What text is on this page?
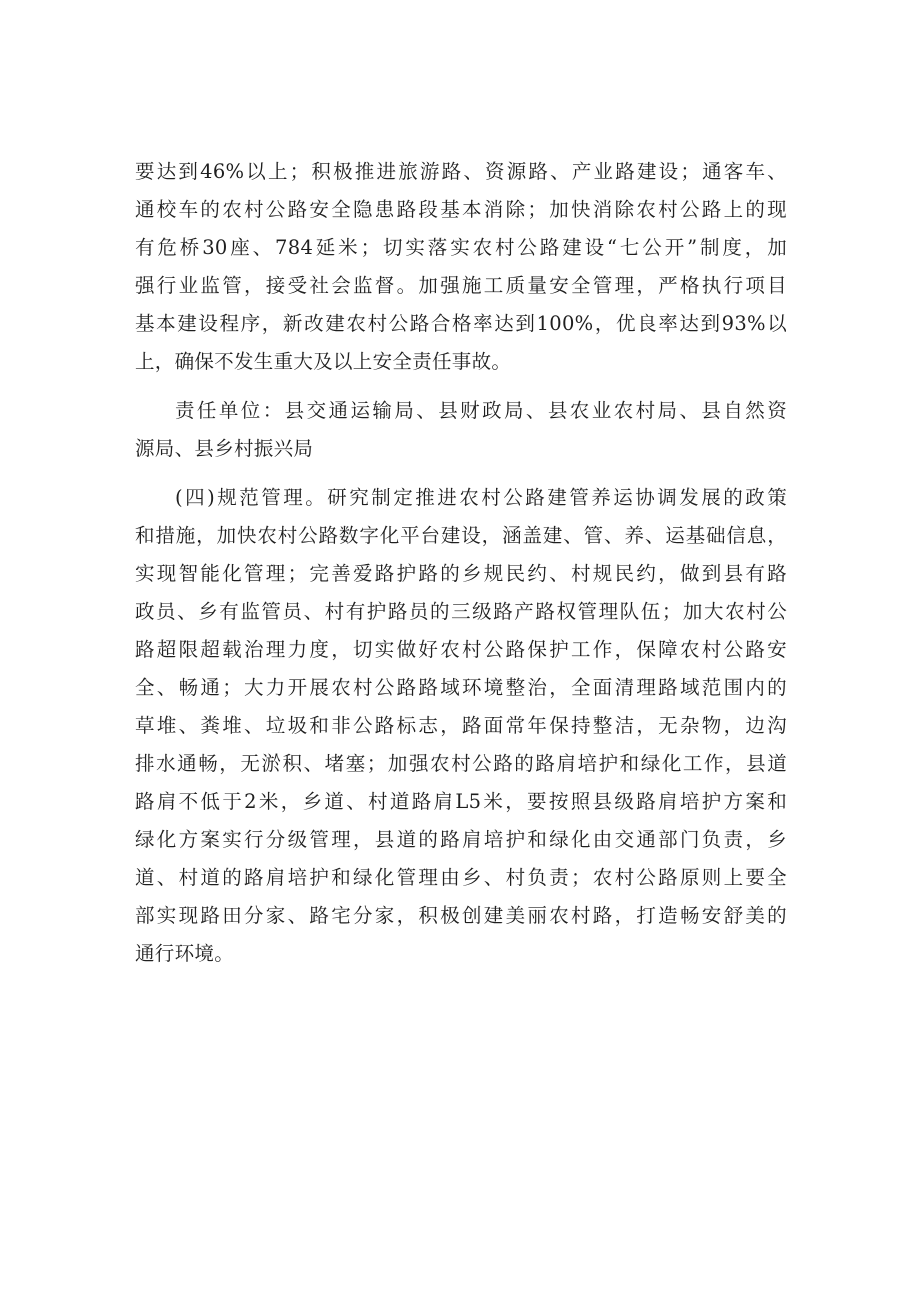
要达到46%以上；积极推进旅游路、资源路、产业路建设；通客车、
通校车的农村公路安全隐患路段基本消除；加快消除农村公路上的现
有危桥30座、784延米；切实落实农村公路建设“七公开”制度，加
强行业监管，接受社会监督。加强施工质量安全管理，严格执行项目
基本建设程序，新改建农村公路合格率达到100%，优良率达到93%以
上，确保不发生重大及以上安全责任事故。
责任单位：县交通运输局、县财政局、县农业农村局、县自然资
源局、县乡村振兴局
(四)规范管理。研究制定推进农村公路建管养运协调发展的政策
和措施，加快农村公路数字化平台建设，涵盖建、管、养、运基础信息，
实现智能化管理；完善爱路护路的乡规民约、村规民约，做到县有路
政员、乡有监管员、村有护路员的三级路产路权管理队伍；加大农村公
路超限超载治理力度，切实做好农村公路保护工作，保障农村公路安
全、畅通；大力开展农村公路路域环境整治，全面清理路域范围内的
草堆、粪堆、垃圾和非公路标志，路面常年保持整洁，无杂物，边沟
排水通畅，无淤积、堵塞；加强农村公路的路肩培护和绿化工作，县道
路肩不低于2米，乡道、村道路肩L5米，要按照县级路肩培护方案和
绿化方案实行分级管理，县道的路肩培护和绿化由交通部门负责，乡
道、村道的路肩培护和绿化管理由乡、村负责；农村公路原则上要全
部实现路田分家、路宅分家，积极创建美丽农村路，打造畅安舒美的
通行环境。
